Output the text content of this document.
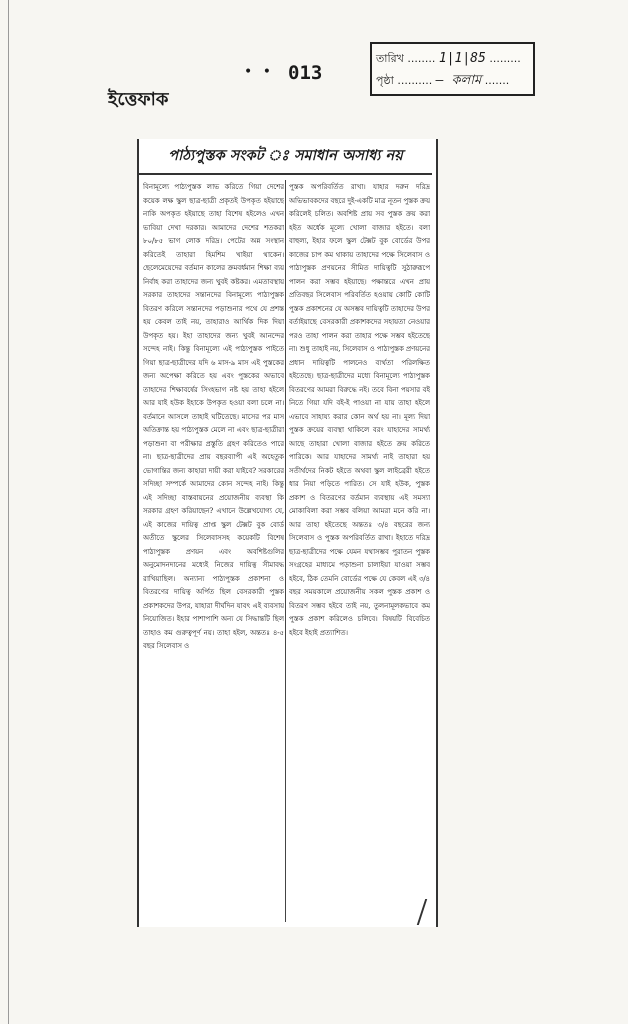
• • 013
তারিখ ........ 1|1|85 .........
পৃষ্ঠা .......... — কলাম .......
ইত্তেফাক
পাঠ্যপুস্তক সংকট ঃ সমাধান অসাধ্য নয়
বিনামূল্যে পাঠ্যপুস্তক লাভ করিতে গিয়া দেশের কয়েক লক্ষ স্কুল ছাত্র-ছাত্রী প্রকৃতই উপকৃত হইয়াছে নাকি অপকৃত হইয়াছে তাহা বিশেষ হইলেও এখন ভাবিয়া দেখা দরকার। আমাদের দেশের শতকরা ৮০/৮৫ ভাগ লোক দরিদ্র। পেটের অন্ন সংস্থান করিতেই তাহারা হিমশিম খাইয়া থাকেন। ছেলেমেয়েদের বর্তমান কালের ক্রমবর্ধমান শিক্ষা ব্যয় নির্বাহ করা তাহাদের জন্য খুবই কষ্টকর। এমতাবস্থায় সরকার তাহাদের সন্তানদের বিনামূল্যে পাঠ্যপুস্তক বিতরণ করিলে সন্তানদের পড়াশুনার পথে যে প্রশস্ত হয় কেবল তাই নয়, তাহারাও আর্থিক দিক দিয়া উপকৃত হয়। ইহা তাহাদের জন্য খুবই আনন্দের সন্দেহ নাই। কিন্তু বিনামূল্যে এই পাঠ্যপুস্তক পাইতে গিয়া ছাত্র-ছাত্রীদের যদি ৬ মাস-৯ মাস এই পুস্তকের জন্য অপেক্ষা করিতে হয় এবং পুস্তকের অভাবে তাহাদের শিক্ষাবর্ষের সিংহভাগ নষ্ট হয় তাহা হইলে আর যাই হউক ইহাকে উপকৃত হওয়া বলা চলে না। বর্তমানে আসলে তাহাই ঘটিতেছে। মাসের পর মাস অতিক্রান্ত হয় পাঠ্যপুস্তক মেলে না এবং ছাত্র-ছাত্রীরা পড়াশুনা বা পরীক্ষার প্রস্তুতি গ্রহণ করিতেও পারে না। ছাত্র-ছাত্রীদের প্রায় বছরব্যাপী এই অহেতুক ভোগান্তির জন্য কাহারা দায়ী করা যাইবে? সরকারের সদিচ্ছা সম্পর্কে আমাদের কোন সন্দেহ নাই। কিন্তু এই সদিচ্ছা বাস্তবায়নের প্রয়োজনীয় ব্যবস্থা কি সরকার গ্রহণ করিয়াছেন? এখানে উল্লেখযোগ্য যে, এই কাজের দায়িত্ব প্রাপ্ত স্কুল টেক্সট বুক বোর্ড অতীতে স্কুলের সিলেবাসসহ কয়েকটি বিশেষ পাঠ্যপুস্তক প্রণয়ন এবং অবশিষ্টগুলির অনুমোদনদানের মধ্যেই নিজের দায়িত্ব সীমাবদ্ধ রাখিয়াছিল। অন্যান্য পাঠ্যপুস্তক প্রকাশনা ও বিতরণের দায়িত্ব অর্পিত ছিল বেসরকারী পুস্তক প্রকাশকদের উপর, যাহারা দীর্ঘদিন যাবৎ এই ব্যবসায় নিয়োজিত। ইহার পাশাপাশি অন্য যে সিদ্ধান্তটি ছিল তাহাও কম গুরুত্বপূর্ণ নয়। তাহা হইল, অন্ততঃ ৪-৫ বছর সিলেবাস ও
পুস্তক অপরিবর্তিত রাখা। যাহার দরুন দরিদ্র অভিভাবকদের বছরে দুই-একটি মাত্র নূতন পুস্তক ক্রয় করিলেই চলিত। অবশিষ্ট প্রায় সব পুস্তক ক্রয় করা হইত অর্ধেক মূল্যে খোলা বাজার হইতে। বলা বাহুল্য, ইহার ফলে স্কুল টেক্সট বুক বোর্ডের উপর কাজের চাপ কম থাকায় তাহাদের পক্ষে সিলেবাস ও পাঠ্যপুস্তক প্রণয়নের সীমিত দায়িত্বটি সুঠারুরূপে পালন করা সম্ভব হইয়াছে। পক্ষান্তরে এখন প্রায় প্রতিবছর সিলেবাস পরিবর্তিত হওয়ায় কোটি কোটি পুস্তক প্রকাশনের যে অসম্ভব দায়িত্বটি তাহাদের উপর বর্তাইয়াছে বেসরকারী প্রকাশকদের সহায়তা নেওয়ার পরও তাহা পালন করা তাহার পক্ষে সম্ভব হইতেছে না। শুধু তাহাই নয়, সিলেবাস ও পাঠ্যপুস্তক প্রণয়নের প্রধান দায়িত্বটি পালনেও ব্যর্থতা পরিলক্ষিত হইতেছে। ছাত্র-ছাত্রীদের মধ্যে বিনামূল্যে পাঠ্যপুস্তক বিতরণের আমরা বিরুদ্ধে নই। তবে বিনা পয়সার বই নিতে গিয়া যদি বই-ই পাওয়া না যায় তাহা হইলে এভাবে সাহায্য করার কোন অর্থ হয় না। মূল্য দিয়া পুস্তক ক্রয়ের ব্যবস্থা থাকিলে বরং যাহাদের সামর্থ্য আছে তাহারা খোলা বাজার হইতে ক্রয় করিতে পারিকে। আর যাহাদের সামর্থ্য নাই তাহারা হয় সতীর্থদের নিকট হইতে অথবা স্কুল লাইব্রেরী হইতে ধার নিয়া পড়িতে পারিত। সে যাই হউক, পুস্তক প্রকাশ ও বিতরণের বর্তমান ব্যবস্থায় এই সমস্যা মোকাবিলা করা সম্ভব বলিয়া আমরা মনে করি না। আর তাহা হইতেছে অন্ততঃ ৩/৪ বছরের জন্য সিলেবাস ও পুস্তক অপরিবর্তিত রাখা। ইহাতে দরিদ্র ছাত্র-ছাত্রীদের পক্ষে যেমন যথাসম্ভব পুরাতন পুস্তক সংগ্রহের মাধ্যমে পড়াশুনা চালাইয়া যাওয়া সম্ভব হইবে, ঠিক তেমনি বোর্ডের পক্ষে যে কেবল এই ৩/৪ বছর সময়কালে প্রয়োজনীয় সকল পুস্তক প্রকাশ ও বিতরণ সম্ভব হইবে তাই নয়, তুলনামূলকভাবে কম পুস্তক প্রকাশ করিলেও চলিবে। বিষয়টি বিবেচিত হইবে ইহাই প্রত্যাশিত।
